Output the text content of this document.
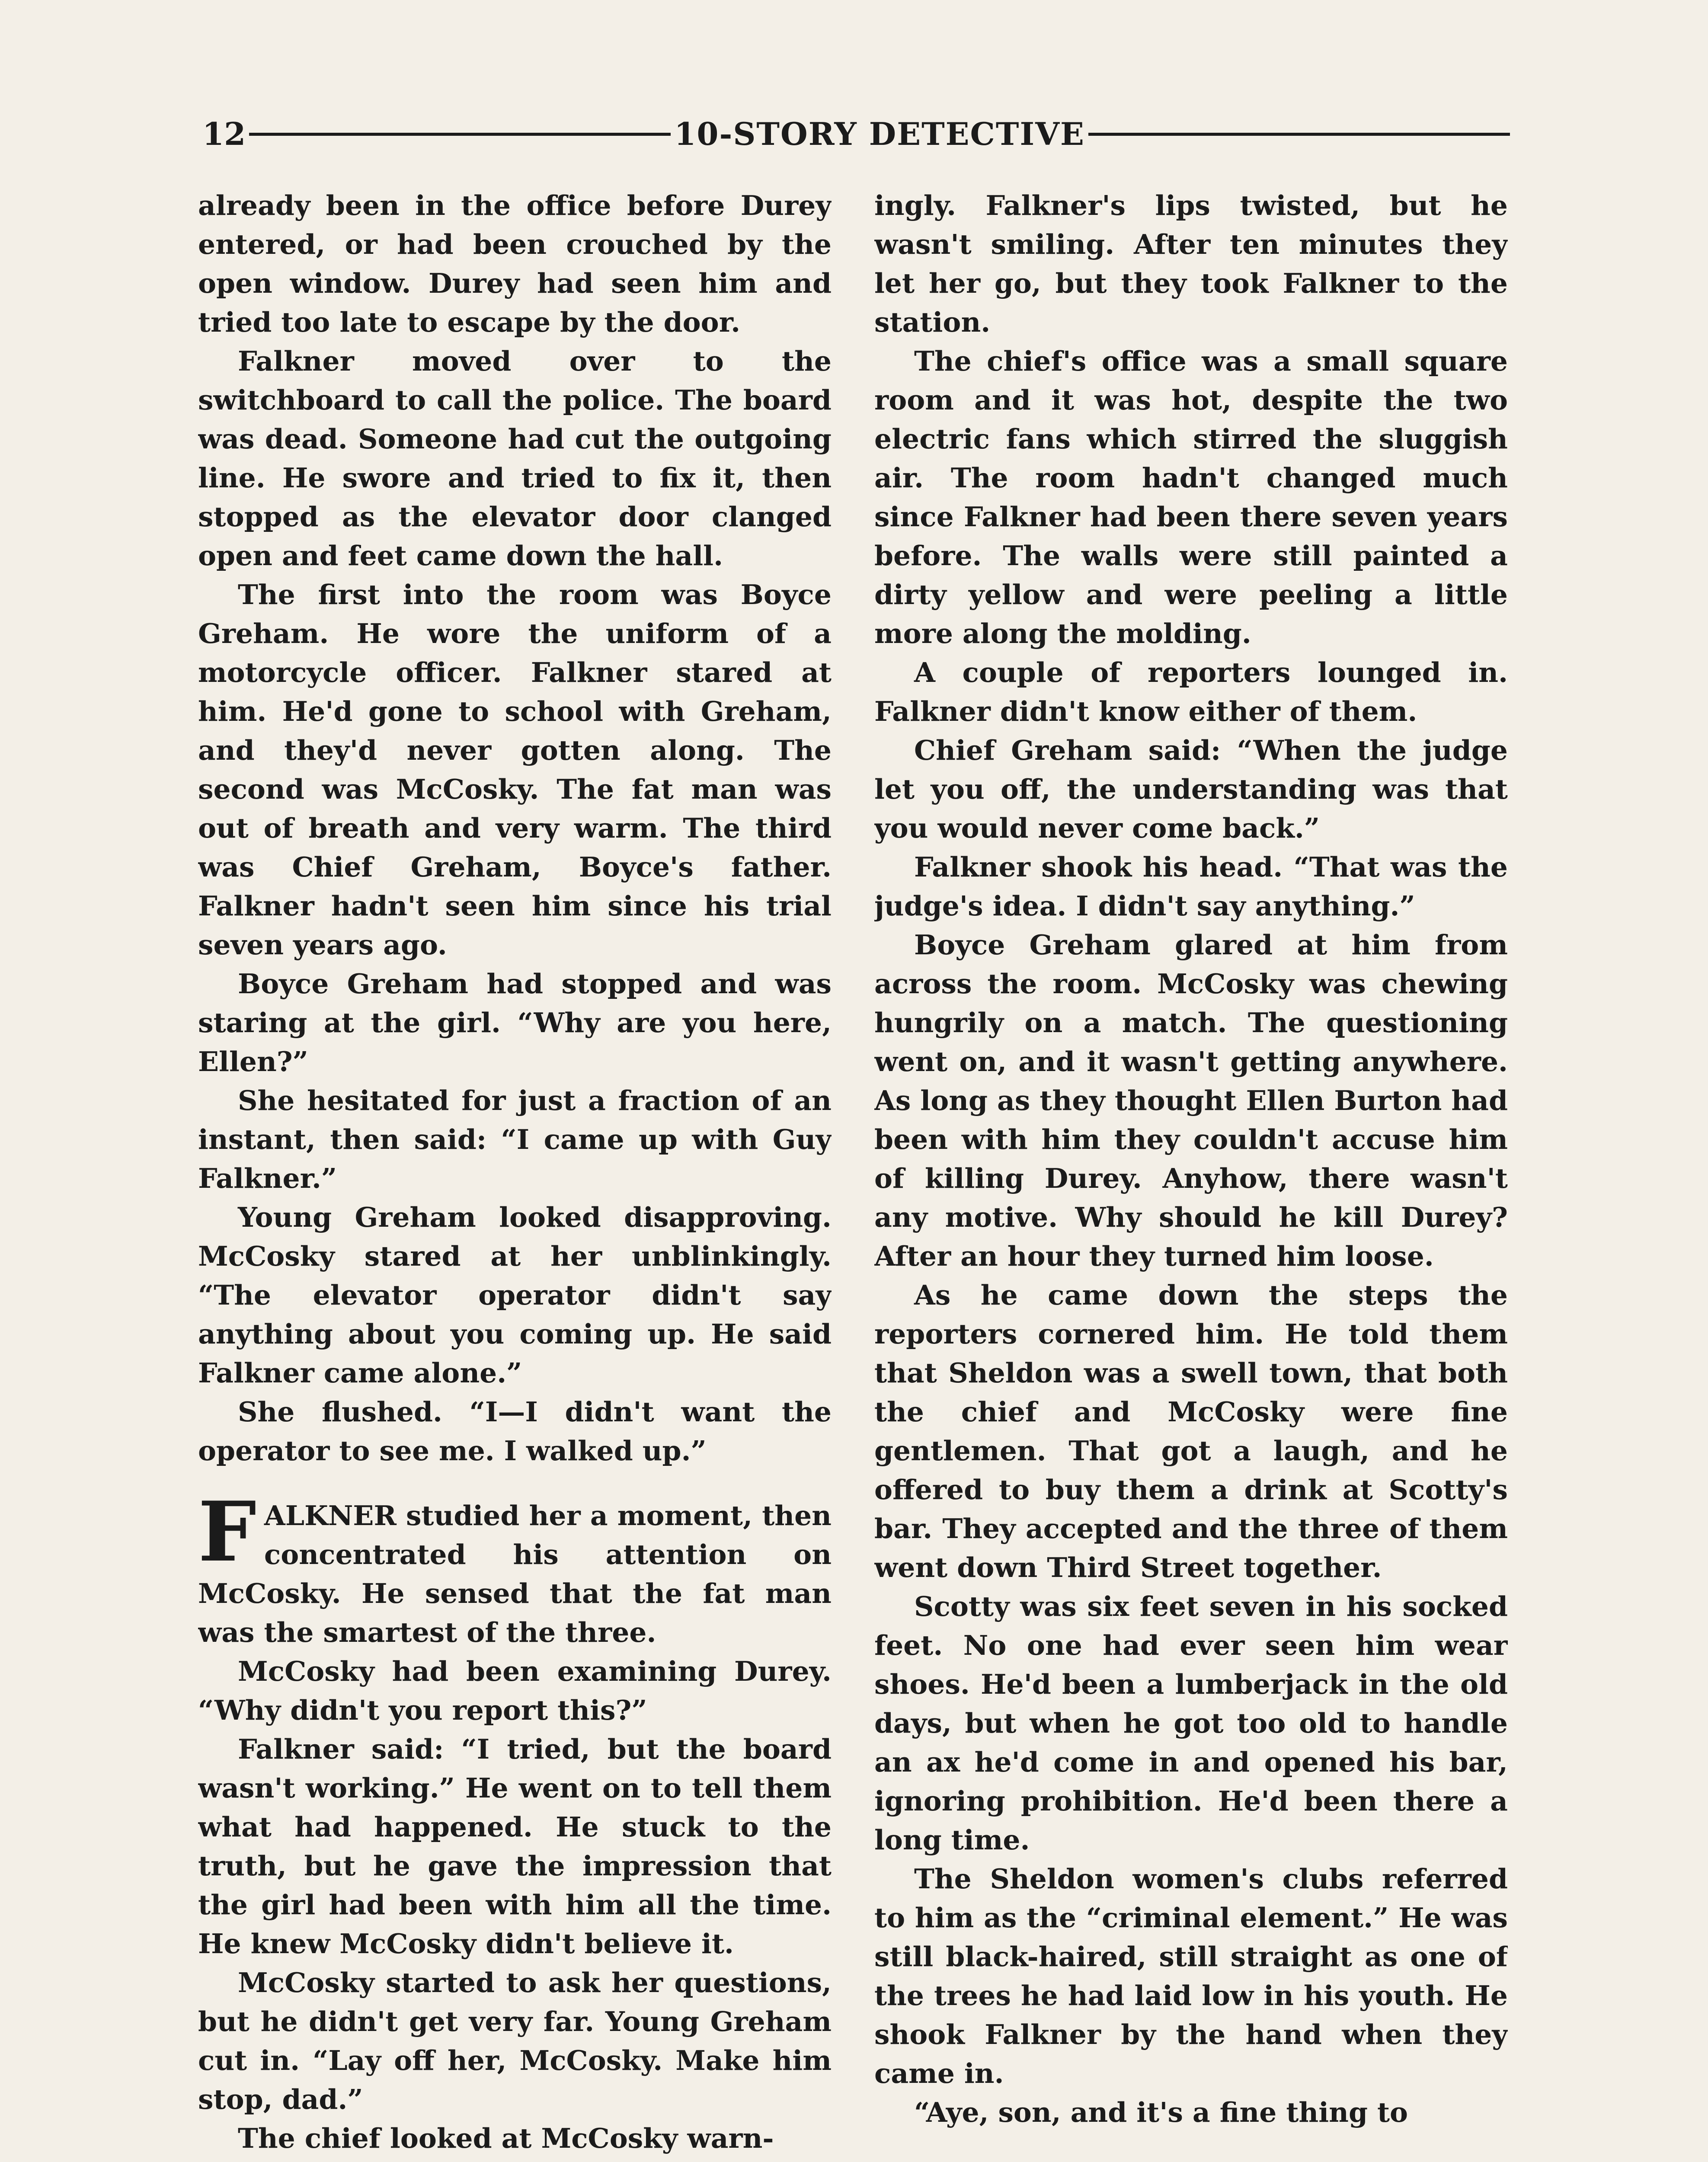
12	10-STORY DETECTIVE

already been in the office before Durey entered, or had been crouched by the open window. Durey had seen him and tried too late to escape by the door.

Falkner moved over to the switchboard to call the police. The board was dead. Someone had cut the outgoing line. He swore and tried to fix it, then stopped as the elevator door clanged open and feet came down the hall.

The first into the room was Boyce Greham. He wore the uniform of a motorcycle officer. Falkner stared at him. He'd gone to school with Greham, and they'd never gotten along. The second was McCosky. The fat man was out of breath and very warm. The third was Chief Greham, Boyce's father. Falkner hadn't seen him since his trial seven years ago.

Boyce Greham had stopped and was staring at the girl. “Why are you here, Ellen?”

She hesitated for just a fraction of an instant, then said: “I came up with Guy Falkner.”

Young Greham looked disapproving. McCosky stared at her unblinkingly. “The elevator operator didn't say anything about you coming up. He said Falkner came alone.”

She flushed. “I—I didn't want the operator to see me. I walked up.”

FALKNER studied her a moment, then concentrated his attention on McCosky. He sensed that the fat man was the smartest of the three.

McCosky had been examining Durey. “Why didn't you report this?”

Falkner said: “I tried, but the board wasn't working.” He went on to tell them what had happened. He stuck to the truth, but he gave the impression that the girl had been with him all the time. He knew McCosky didn't believe it.

McCosky started to ask her questions, but he didn't get very far. Young Greham cut in. “Lay off her, McCosky. Make him stop, dad.”

The chief looked at McCosky warn-

ingly. Falkner's lips twisted, but he wasn't smiling. After ten minutes they let her go, but they took Falkner to the station.

The chief's office was a small square room and it was hot, despite the two electric fans which stirred the sluggish air. The room hadn't changed much since Falkner had been there seven years before. The walls were still painted a dirty yellow and were peeling a little more along the molding.

A couple of reporters lounged in. Falkner didn't know either of them.

Chief Greham said: “When the judge let you off, the understanding was that you would never come back.”

Falkner shook his head. “That was the judge's idea. I didn't say anything.”

Boyce Greham glared at him from across the room. McCosky was chewing hungrily on a match. The questioning went on, and it wasn't getting anywhere. As long as they thought Ellen Burton had been with him they couldn't accuse him of killing Durey. Anyhow, there wasn't any motive. Why should he kill Durey? After an hour they turned him loose.

As he came down the steps the reporters cornered him. He told them that Sheldon was a swell town, that both the chief and McCosky were fine gentlemen. That got a laugh, and he offered to buy them a drink at Scotty's bar. They accepted and the three of them went down Third Street together.

Scotty was six feet seven in his socked feet. No one had ever seen him wear shoes. He'd been a lumberjack in the old days, but when he got too old to handle an ax he'd come in and opened his bar, ignoring prohibition. He'd been there a long time.

The Sheldon women's clubs referred to him as the “criminal element.” He was still black-haired, still straight as one of the trees he had laid low in his youth. He shook Falkner by the hand when they came in.

“Aye, son, and it's a fine thing to
